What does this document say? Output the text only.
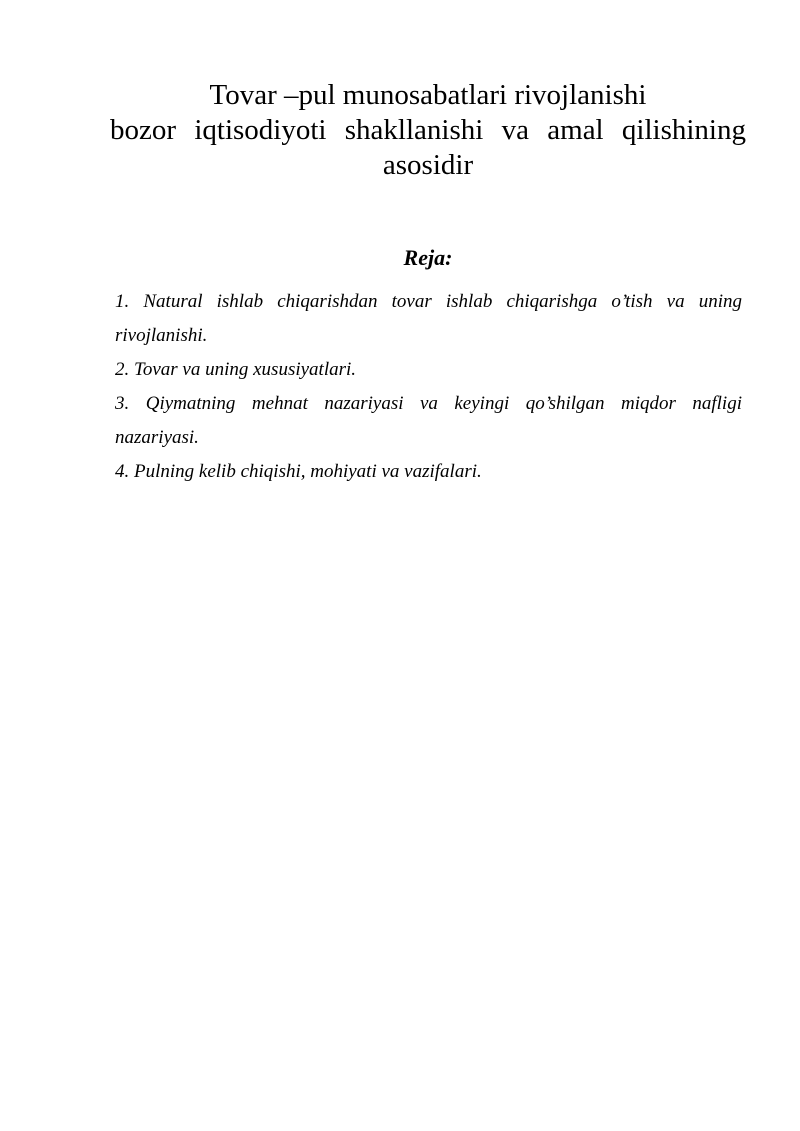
Tovar –pul munosabatlari rivojlanishi
bozor iqtisodiyoti shakllanishi va amal qilishining
asosidir
Reja:
1. Natural ishlab chiqarishdan tovar ishlab chiqarishga o’tish va uning
rivojlanishi.
2. Tovar va uning xususiyatlari.
3. Qiymatning mehnat nazariyasi va keyingi qo’shilgan miqdor nafligi
nazariyasi.
4. Pulning kelib chiqishi, mohiyati va vazifalari.
